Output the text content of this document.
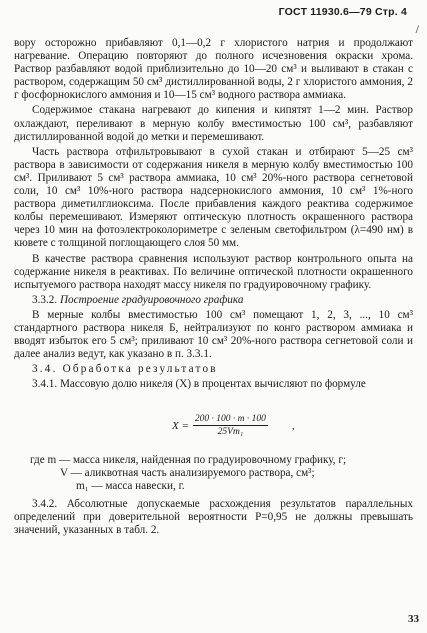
ГОСТ 11930.6—79 Стр. 4
/

вору осторожно прибавляют 0,1—0,2 г хлористого натрия и продолжают нагревание. Операцию повторяют до полного исчезновения окраски хрома. Раствор разбавляют водой приблизительно до 10—20 см³ и выливают в стакан с раствором, содержащим 50 см³ дистиллированной воды, 2 г хлористого аммония, 2 г фосфорнокислого аммония и 10—15 см³ водного раствора аммиака.

Содержимое стакана нагревают до кипения и кипятят 1—2 мин. Раствор охлаждают, переливают в мерную колбу вместимостью 100 см³, разбавляют дистиллированной водой до метки и перемешивают.

Часть раствора отфильтровывают в сухой стакан и отбирают 5—25 см³ раствора в зависимости от содержания никеля в мерную колбу вместимостью 100 см³. Приливают 5 см³ раствора аммиака, 10 см³ 20%-ного раствора сегнетовой соли, 10 см³ 10%-ного раствора надсернокислого аммония, 10 см³ 1%-ного раствора диметилглиоксима. После прибавления каждого реактива содержимое колбы перемешивают. Измеряют оптическую плотность окрашенного раствора через 10 мин на фотоэлектроколориметре с зеленым светофильтром (λ=490 нм) в кювете с толщиной поглощающего слоя 50 мм.

В качестве раствора сравнения используют раствор контрольного опыта на содержание никеля в реактивах. По величине оптической плотности окрашенного испытуемого раствора находят массу никеля по градуировочному графику.

3.3.2. Построение градуировочного графика

В мерные колбы вместимостью 100 см³ помещают 1, 2, 3, ..., 10 см³ стандартного раствора никеля Б, нейтрализуют по конго раствором аммиака и вводят избыток его 5 см³; приливают 10 см³ 20%-ного раствора сегнетовой соли и далее анализ ведут, как указано в п. 3.3.1.

3.4. Обработка результатов

3.4.1. Массовую долю никеля (X) в процентах вычисляют по формуле

$X = \frac{200 \cdot 100 \cdot m \cdot 100}{\text{25Vm₁}}$ ,

где m — масса никеля, найденная по градуировочному графику, г;

V — аликвотная часть анализируемого раствора, см³;

m₁ — масса навески, г.

3.4.2. Абсолютные допускаемые расхождения результатов параллельных определений при доверительной вероятности P=0,95 не должны превышать значений, указанных в табл. 2.

33
